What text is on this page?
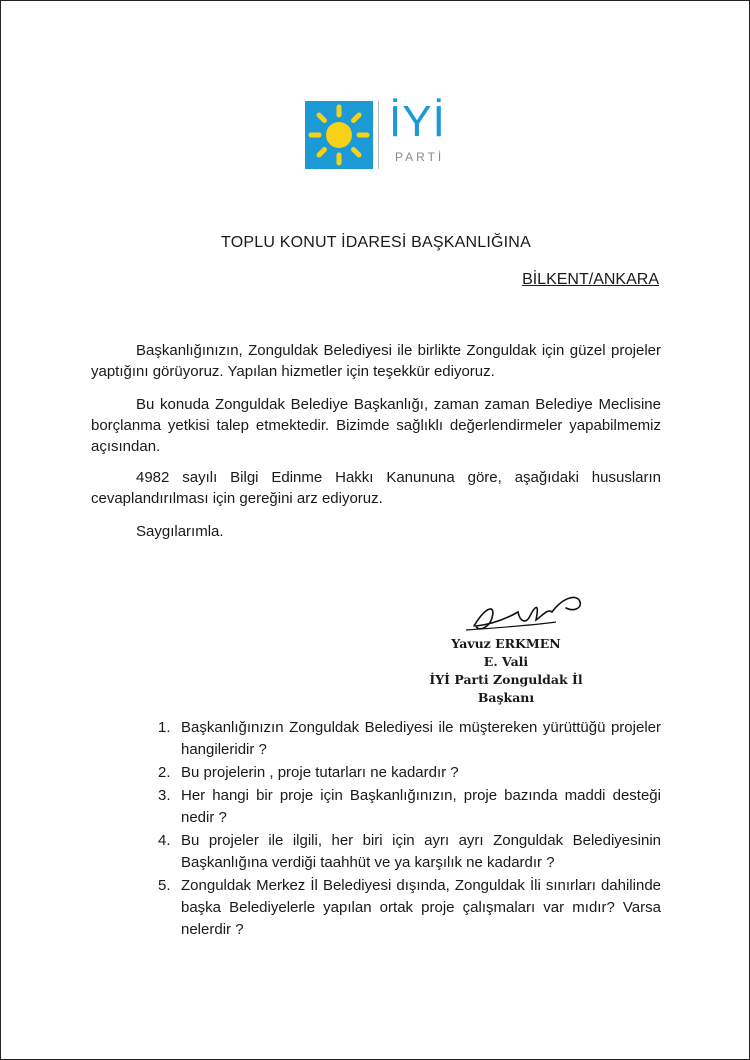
İYİ
PARTİ
TOPLU KONUT İDARESİ BAŞKANLIĞINA
BİLKENT/ANKARA
Başkanlığınızın, Zonguldak Belediyesi ile birlikte Zonguldak için güzel projeler yaptığını görüyoruz. Yapılan hizmetler için teşekkür ediyoruz.
Bu konuda Zonguldak Belediye Başkanlığı, zaman zaman Belediye Meclisine borçlanma yetkisi talep etmektedir. Bizimde sağlıklı değerlendirmeler yapabilmemiz açısından.
4982 sayılı Bilgi Edinme Hakkı Kanununa göre, aşağıdaki hususların cevaplandırılması için gereğini arz ediyoruz.
Saygılarımla.
Yavuz ERKMEN
E. Vali
İYİ Parti Zonguldak İl Başkanı
1. Başkanlığınızın Zonguldak Belediyesi ile müştereken yürüttüğü projeler hangileridir ?
2. Bu projelerin , proje tutarları ne kadardır ?
3. Her hangi bir proje için Başkanlığınızın, proje bazında maddi desteği nedir ?
4. Bu projeler ile ilgili, her biri için ayrı ayrı Zonguldak Belediyesinin Başkanlığına verdiği taahhüt ve ya karşılık ne kadardır ?
5. Zonguldak Merkez İl Belediyesi dışında, Zonguldak İli sınırları dahilinde başka Belediyelerle yapılan ortak proje çalışmaları var mıdır? Varsa nelerdir ?
